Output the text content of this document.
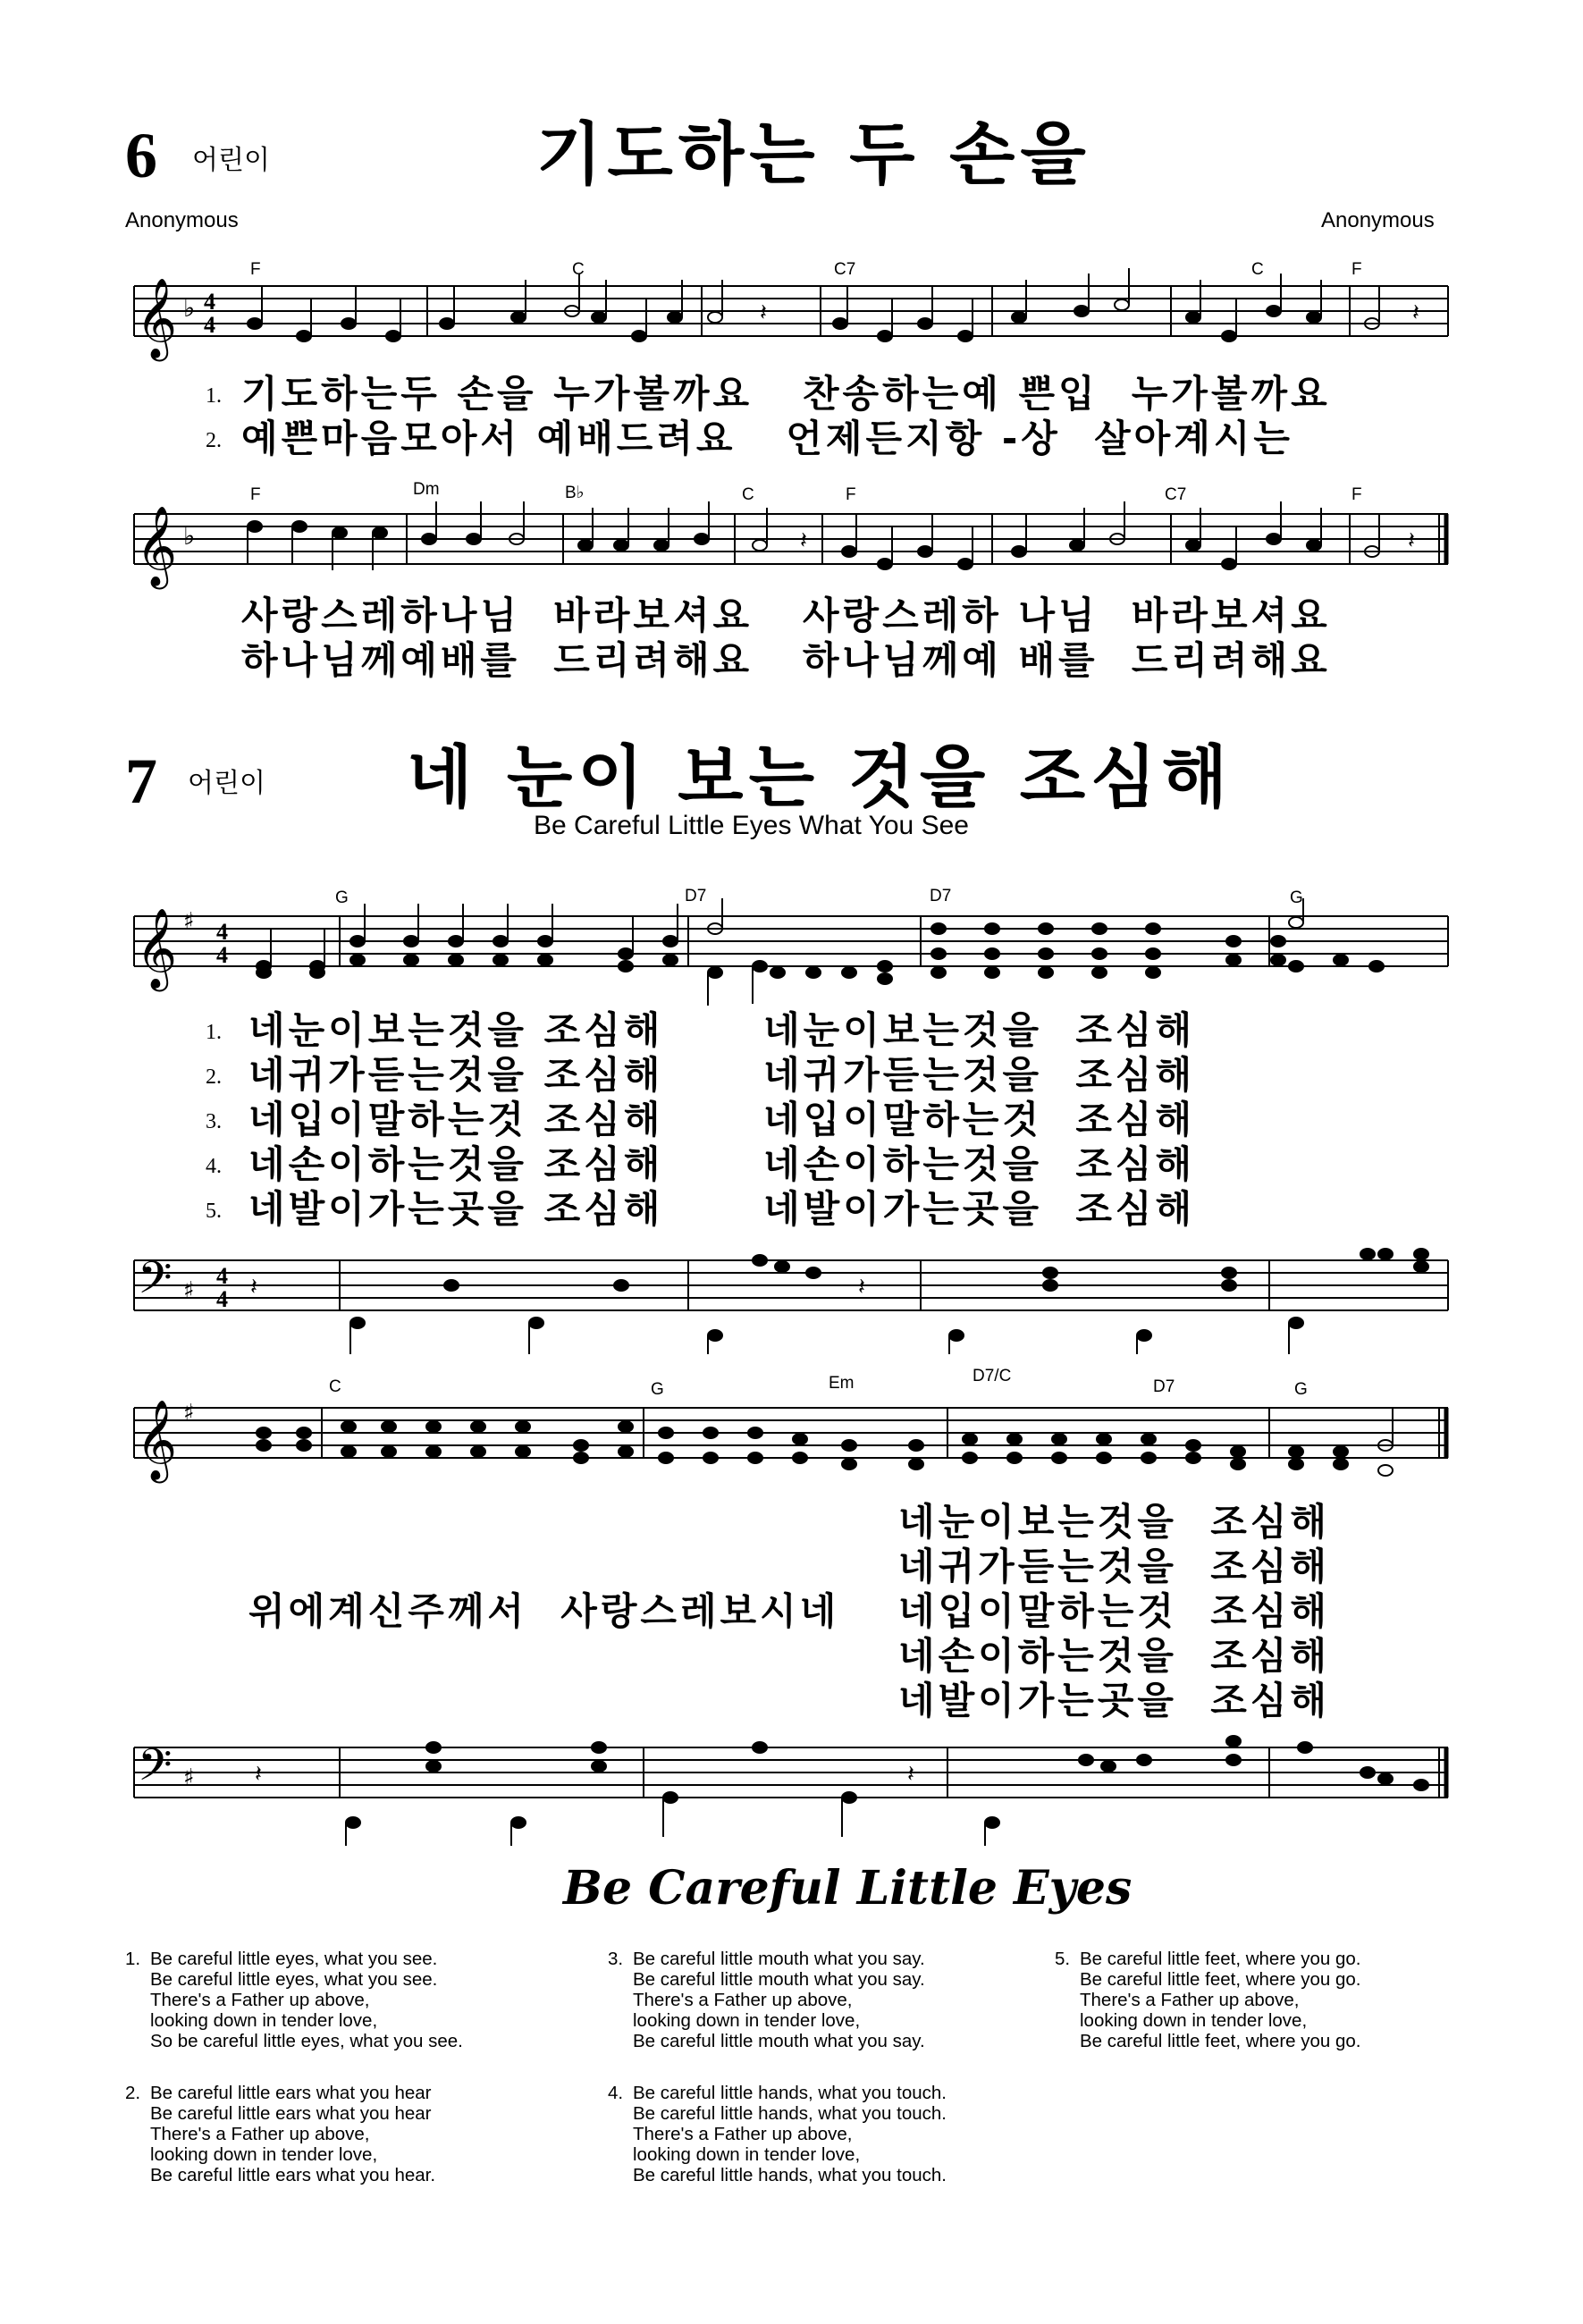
6 어린이	기도하는 두 손을
Anonymous	Anonymous
F	C	C7	C	F
𝄞 ♭ 4
4	𝄽	𝄽
1. 기도하는두 손을 누가볼까요   찬송하는예 쁜입  누가볼까요
2. 예쁜마음모아서 예배드려요   언제든지항 -상  살아계시는
F	Dm	B♭	C	F	C7	F
𝄞 ♭	𝄽	𝄽
사랑스레하나님  바라보셔요   사랑스레하 나님  바라보셔요
하나님께예배를  드리려해요   하나님께예 배를  드리려해요
7 어린이 네 눈이 보는 것을 조심해
Be Careful Little Eyes What You See
G	D7	D7	G
𝄞 ♯ 4
4
1. 네눈이보는것을 조심해      네눈이보는것을  조심해
2. 네귀가듣는것을 조심해      네귀가듣는것을  조심해
3. 네입이말하는것 조심해      네입이말하는것  조심해
4. 네손이하는것을 조심해      네손이하는것을  조심해
5. 네발이가는곳을 조심해      네발이가는곳을  조심해
𝄢 ♯
4
4 𝄽	𝄽
C	G	Em	D7/C
D7	G
𝄞 ♯
네눈이보는것을  조심해
네귀가듣는것을  조심해
위에계신주께서  사랑스레보시네 네입이말하는것  조심해
네손이하는것을  조심해
네발이가는곳을  조심해
𝄢 ♯	𝄽	𝄽
Be Careful Little Eyes
1. Be careful little eyes, what you see.
Be careful little eyes, what you see.
There's a Father up above,
looking down in tender love,
So be careful little eyes, what you see.
2. Be careful little ears what you hear
Be careful little ears what you hear
There's a Father up above,
looking down in tender love,
Be careful little ears what you hear.
3. Be careful little mouth what you say.
Be careful little mouth what you say.
There's a Father up above,
looking down in tender love,
Be careful little mouth what you say.
4. Be careful little hands, what you touch.
Be careful little hands, what you touch.
There's a Father up above,
looking down in tender love,
Be careful little hands, what you touch.
5. Be careful little feet, where you go.
Be careful little feet, where you go.
There's a Father up above,
looking down in tender love,
Be careful little feet, where you go.
